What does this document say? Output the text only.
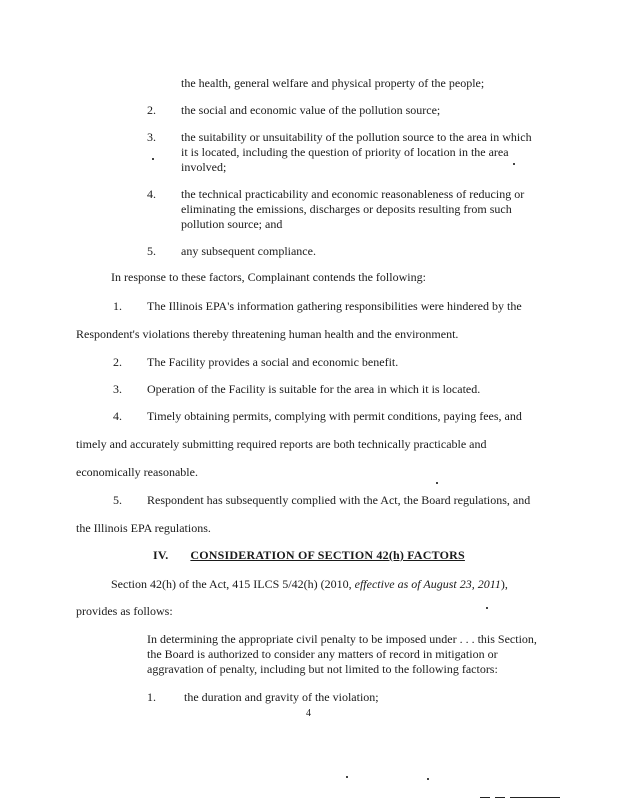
the health, general welfare and physical property of the people;
2. the social and economic value of the pollution source;
3. the suitability or unsuitability of the pollution source to the area in which
it is located, including the question of priority of location in the area
involved;
4. the technical practicability and economic reasonableness of reducing or
eliminating the emissions, discharges or deposits resulting from such
pollution source; and
5. any subsequent compliance.
In response to these factors, Complainant contends the following:
1. The Illinois EPA's information gathering responsibilities were hindered by the
Respondent's violations thereby threatening human health and the environment.
2. The Facility provides a social and economic benefit.
3. Operation of the Facility is suitable for the area in which it is located.
4. Timely obtaining permits, complying with permit conditions, paying fees, and
timely and accurately submitting required reports are both technically practicable and
economically reasonable.
5. Respondent has subsequently complied with the Act, the Board regulations, and
the Illinois EPA regulations.
IV. CONSIDERATION OF SECTION 42(h) FACTORS
Section 42(h) of the Act, 415 ILCS 5/42(h) (2010, effective as of August 23, 2011),
provides as follows:
In determining the appropriate civil penalty to be imposed under . . . this Section,
the Board is authorized to consider any matters of record in mitigation or
aggravation of penalty, including but not limited to the following factors:
1. the duration and gravity of the violation;
4
